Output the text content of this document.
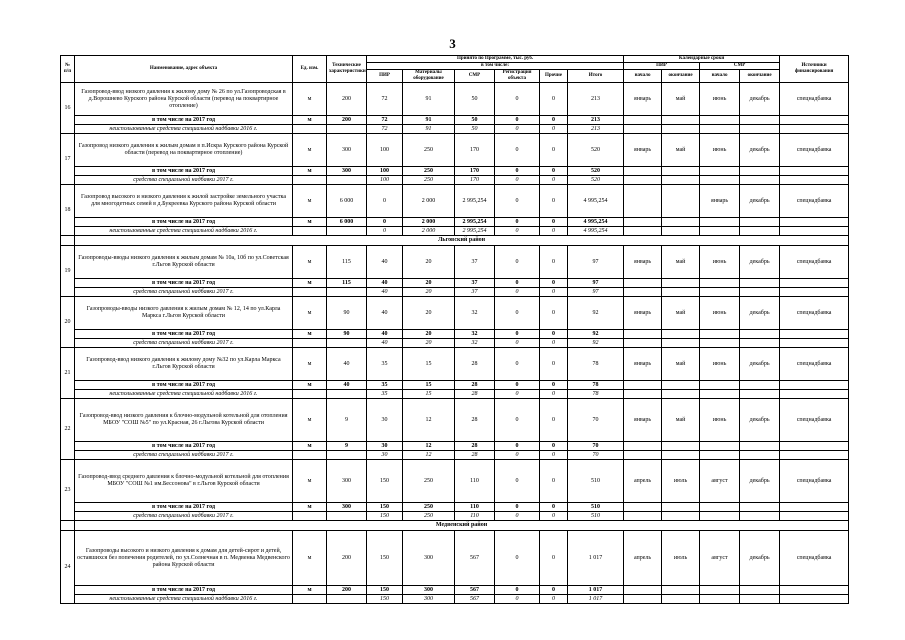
3
№ п/п	Наименование, адрес объекта	Ед. изм.	Технические характеристики	Принято по Программе, тыс. руб.						Календарные сроки				Источники финансирования
				в том числе:						ПИР		СМР		
				ПИР	Материалы оборудование	СМР	Регистрация объекта	Прочие	Итого	начало	окончание	начало	окончание	
16	Газопровод-ввод низкого давления к жилому дому № 26 по ул.Газопроводская в д.Ворошнево Курского района Курской области (перевод на поквартирное отопление)	м	200	72	91	50	0	0	213	январь	май	июнь	декабрь	спецнадбавка
	в том числе на 2017 год	м	200	72	91	50	0	0	213					
	неиспользованные средства специальной надбавки 2016 г.			72	91	50	0	0	213					
17	Газопровод низкого давления к жилым домам в п.Искра Курского района Курской области (перевод на поквартирное отопление)	м	300	100	250	170	0	0	520	январь	май	июнь	декабрь	спецнадбавка
	в том числе на 2017 год	м	300	100	250	170	0	0	520					
	средства специальной надбавки 2017 г.			100	250	170	0	0	520					
18	Газопровод высокого и низкого давления к жилой застройке земельного участка для многодетных семей в д.Букреевка Курского района Курской области	м	6 000	0	2 000	2 995,254	0	0	4 995,254			январь	декабрь	спецнадбавка
	в том числе на 2017 год	м	6 000	0	2 000	2 995,254	0	0	4 995,254					
	неиспользованные средства специальной надбавки 2016 г.			0	2 000	2 995,254	0	0	4 995,254					
	Льговский район													
19	Газопроводы-вводы низкого давления к жилым домам № 10а, 10б по ул.Советская г.Льгов Курской области	м	115	40	20	37	0	0	97	январь	май	июнь	декабрь	спецнадбавка
	в том числе на 2017 год	м	115	40	20	37	0	0	97					
	средства специальной надбавки 2017 г.			40	20	37	0	0	97					
20	Газопроводы-вводы низкого давления к жилым домам № 12, 14 по ул.Карла Маркса г.Льгов Курской области	м	90	40	20	32	0	0	92	январь	май	июнь	декабрь	спецнадбавка
	в том числе на 2017 год	м	90	40	20	32	0	0	92					
	средства специальной надбавки 2017 г.			40	20	32	0	0	92					
21	Газопровод-ввод низкого давления к жилому дому №32 по ул.Карла Маркса г.Льгов Курской области	м	40	35	15	28	0	0	78	январь	май	июнь	декабрь	спецнадбавка
	в том числе на 2017 год	м	40	35	15	28	0	0	78					
	неиспользованные средства специальной надбавки 2016 г.			35	15	28	0	0	78					
22	Газопровод-ввод низкого давления к блочно-модульной котельной для отопления МБОУ "СОШ №5" по ул.Красная, 26 г.Льгова Курской области	м	9	30	12	28	0	0	70	январь	май	июнь	декабрь	спецнадбавка
	в том числе на 2017 год	м	9	30	12	28	0	0	70					
	средства специальной надбавки 2017 г.			30	12	28	0	0	70					
23	Газопровод-ввод среднего давления к блочно-модульной котельной для отопления МБОУ "СОШ №1 им.Бессонова" в г.Льгов Курской области	м	300	150	250	110	0	0	510	апрель	июль	август	декабрь	спецнадбавка
	в том числе на 2017 год	м	300	150	250	110	0	0	510					
	средства специальной надбавки 2017 г.			150	250	110	0	0	510					
	Медвенский район													
24	Газопроводы высокого и низкого давления к домам для детей-сирот и детей, оставшихся без попечения родителей, по ул.Солнечная в п. Медвенка Медвенского района Курской области	м	200	150	300	567	0	0	1 017	апрель	июль	август	декабрь	спецнадбавка
	в том числе на 2017 год	м	200	150	300	567	0	0	1 017					
	неиспользованные средства специальной надбавки 2016 г.			150	300	567	0	0	1 017					
